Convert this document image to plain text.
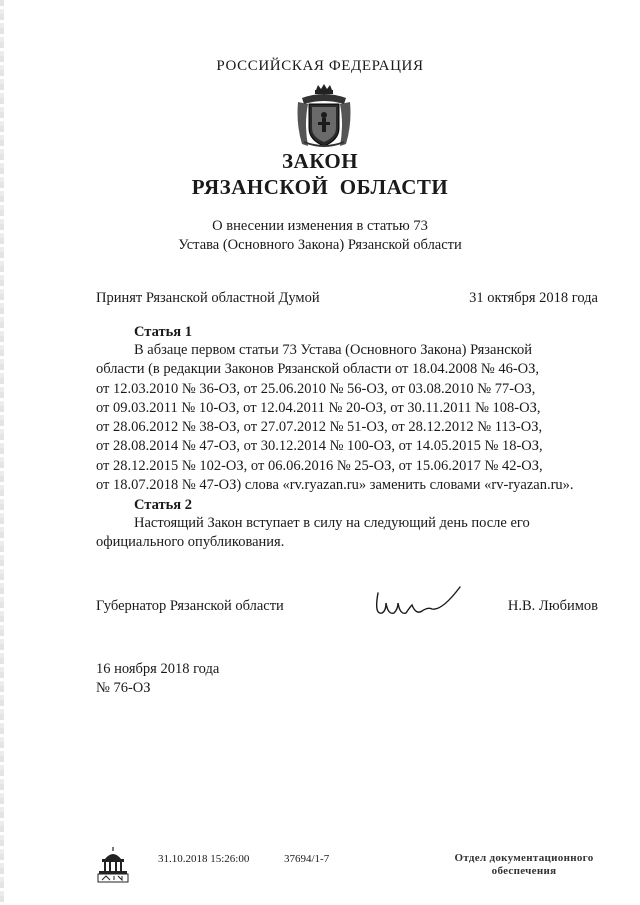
РОССИЙСКАЯ ФЕДЕРАЦИЯ
ЗАКОН
РЯЗАНСКОЙ  ОБЛАСТИ
О внесении изменения в статью 73
Устава (Основного Закона) Рязанской области
Принят Рязанской областной Думой	31 октября 2018 года
Статья 1
В абзаце первом статьи 73 Устава (Основного Закона) Рязанской
области (в редакции Законов Рязанской области от 18.04.2008 № 46-ОЗ,
от 12.03.2010 № 36-ОЗ, от 25.06.2010 № 56-ОЗ, от 03.08.2010 № 77-ОЗ,
от 09.03.2011 № 10-ОЗ, от 12.04.2011 № 20-ОЗ, от 30.11.2011 № 108-ОЗ,
от 28.06.2012 № 38-ОЗ, от 27.07.2012 № 51-ОЗ, от 28.12.2012 № 113-ОЗ,
от 28.08.2014 № 47-ОЗ, от 30.12.2014 № 100-ОЗ, от 14.05.2015 № 18-ОЗ,
от 28.12.2015 № 102-ОЗ, от 06.06.2016 № 25-ОЗ, от 15.06.2017 № 42-ОЗ,
от 18.07.2018 № 47-ОЗ) слова «rv.ryazan.ru» заменить словами «rv-ryazan.ru».
Статья 2
Настоящий Закон вступает в силу на следующий день после его
официального опубликования.
Губернатор Рязанской области	Н.В. Любимов
16 ноября 2018 года
№ 76-ОЗ
31.10.2018 15:26:00	37694/1-7	Отдел документационного
обеспечения
